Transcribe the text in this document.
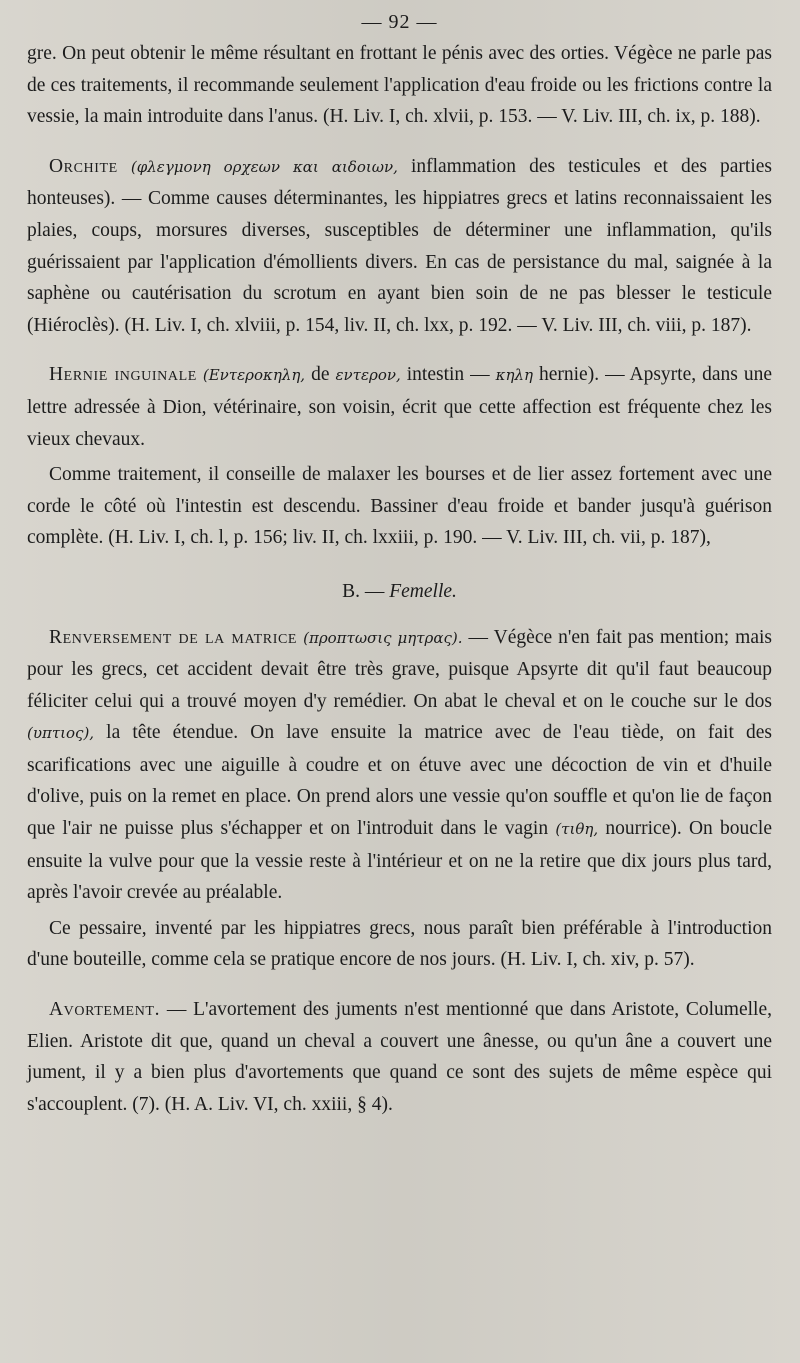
— 92 —

gre. On peut obtenir le même résultant en frottant le pénis avec des orties. Végèce ne parle pas de ces traitements, il recommande seulement l'application d'eau froide ou les frictions contre la vessie, la main introduite dans l'anus. (H. Liv. I, ch. xlvii, p. 153. — V. Liv. III, ch. ix, p. 188).

Orchite (φλεγμονη ορχεων και αιδοιων, inflammation des testicules et des parties honteuses). — Comme causes déterminantes, les hippiatres grecs et latins reconnaissaient les plaies, coups, morsures diverses, susceptibles de déterminer une inflammation, qu'ils guérissaient par l'application d'émollients divers. En cas de persistance du mal, saignée à la saphène ou cautérisation du scrotum en ayant bien soin de ne pas blesser le testicule (Hiéroclès). (H. Liv. I, ch. xlviii, p. 154, liv. II, ch. lxx, p. 192. — V. Liv. III, ch. viii, p. 187).

Hernie inguinale (Εντεροκηλη, de εντερον, intestin — κηλη hernie). — Apsyrte, dans une lettre adressée à Dion, vétérinaire, son voisin, écrit que cette affection est fréquente chez les vieux chevaux.

Comme traitement, il conseille de malaxer les bourses et de lier assez fortement avec une corde le côté où l'intestin est descendu. Bassiner d'eau froide et bander jusqu'à guérison complète. (H. Liv. I, ch. l, p. 156; liv. II, ch. lxxiii, p. 190. — V. Liv. III, ch. vii, p. 187),

B. — Femelle.

Renversement de la matrice (προπτωσις μητρας). — Végèce n'en fait pas mention; mais pour les grecs, cet accident devait être très grave, puisque Apsyrte dit qu'il faut beaucoup féliciter celui qui a trouvé moyen d'y remédier. On abat le cheval et on le couche sur le dos (υπτιος), la tête étendue. On lave ensuite la matrice avec de l'eau tiède, on fait des scarifications avec une aiguille à coudre et on étuve avec une décoction de vin et d'huile d'olive, puis on la remet en place. On prend alors une vessie qu'on souffle et qu'on lie de façon que l'air ne puisse plus s'échapper et on l'introduit dans le vagin (τιθη, nourrice). On boucle ensuite la vulve pour que la vessie reste à l'intérieur et on ne la retire que dix jours plus tard, après l'avoir crevée au préalable.

Ce pessaire, inventé par les hippiatres grecs, nous paraît bien préférable à l'introduction d'une bouteille, comme cela se pratique encore de nos jours. (H. Liv. I, ch. xiv, p. 57).

Avortement. — L'avortement des juments n'est mentionné que dans Aristote, Columelle, Elien. Aristote dit que, quand un cheval a couvert une ânesse, ou qu'un âne a couvert une jument, il y a bien plus d'avortements que quand ce sont des sujets de même espèce qui s'accouplent. (7). (H. A. Liv. VI, ch. xxiii, § 4).
